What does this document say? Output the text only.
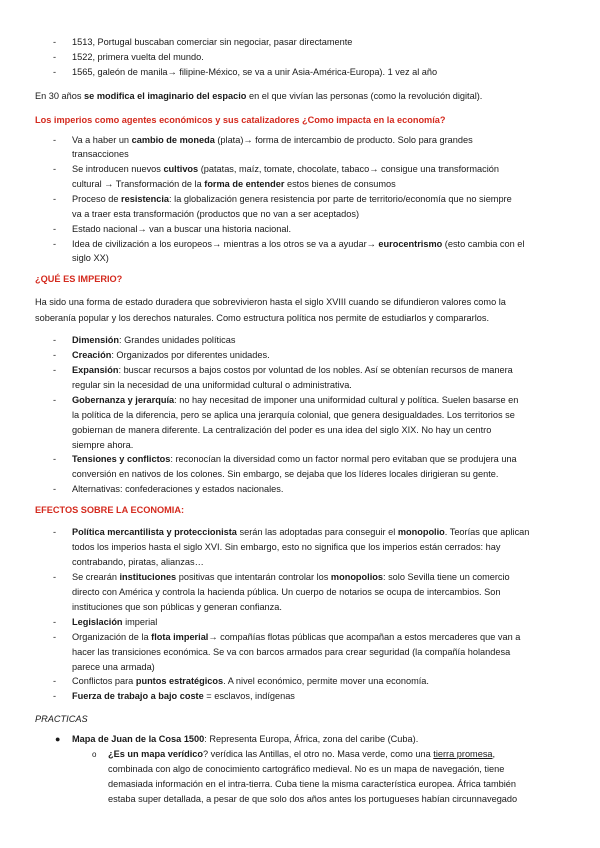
-	1513, Portugal buscaban comerciar sin negociar, pasar directamente
-	1522, primera vuelta del mundo.
-	1565, galeón de manila→ filipine-México, se va a unir Asia-América-Europa). 1 vez al año
En 30 años se modifica el imaginario del espacio en el que vivían las personas (como la revolución digital).
Los imperios como agentes económicos y sus catalizadores ¿Como impacta en la economía?
-	Va a haber un cambio de moneda (plata)→ forma de intercambio de producto. Solo para grandes
transacciones
-	Se introducen nuevos cultivos (patatas, maíz, tomate, chocolate, tabaco→ consigue una transformación
cultural → Transformación de la forma de entender estos bienes de consumos
-	Proceso de resistencia: la globalización genera resistencia por parte de territorio/economía que no siempre
va a traer esta transformación (productos que no van a ser aceptados)
-	Estado nacional→ van a buscar una historia nacional.
-	Idea de civilización a los europeos→ mientras a los otros se va a ayudar→ eurocentrismo (esto cambia con el
siglo XX)
¿QUÉ ES IMPERIO?
Ha sido una forma de estado duradera que sobrevivieron hasta el siglo XVIII cuando se difundieron valores como la
soberanía popular y los derechos naturales. Como estructura política nos permite de estudiarlos y compararlos.
-	Dimensión: Grandes unidades políticas
-	Creación: Organizados por diferentes unidades.
-	Expansión: buscar recursos a bajos costos por voluntad de los nobles. Así se obtenían recursos de manera
regular sin la necesidad de una uniformidad cultural o administrativa.
-	Gobernanza y jerarquía: no hay necesitad de imponer una uniformidad cultural y política. Suelen basarse en
la política de la diferencia, pero se aplica una jerarquía colonial, que genera desigualdades. Los territorios se
gobiernan de manera diferente. La centralización del poder es una idea del siglo XIX. No hay un centro
siempre ahora.
-	Tensiones y conflictos: reconocían la diversidad como un factor normal pero evitaban que se produjera una
conversión en nativos de los colones. Sin embargo, se dejaba que los líderes locales dirigieran su gente.
-	Alternativas: confederaciones y estados nacionales.
EFECTOS SOBRE LA ECONOMIA:
-	Política mercantilista y proteccionista serán las adoptadas para conseguir el monopolio. Teorías que aplican
todos los imperios hasta el siglo XVI. Sin embargo, esto no significa que los imperios están cerrados: hay
contrabando, piratas, alianzas…
-	Se crearán instituciones positivas que intentarán controlar los monopolios: solo Sevilla tiene un comercio
directo con América y controla la hacienda pública. Un cuerpo de notarios se ocupa de intercambios. Son
instituciones que son públicas y generan confianza.
-	Legislación imperial
-	Organización de la flota imperial→ compañías flotas públicas que acompañan a estos mercaderes que van a
hacer las transiciones económica. Se va con barcos armados para crear seguridad (la compañía holandesa
parece una armada)
-	Conflictos para puntos estratégicos. A nivel económico, permite mover una economía.
-	Fuerza de trabajo a bajo coste = esclavos, indígenas
PRACTICAS
● Mapa de Juan de la Cosa 1500: Representa Europa, África, zona del caribe (Cuba).
o ¿Es un mapa verídico? verídica las Antillas, el otro no. Masa verde, como una tierra promesa,
combinada con algo de conocimiento cartográfico medieval. No es un mapa de navegación, tiene
demasiada información en el intra-tierra. Cuba tiene la misma característica europea. África también
estaba super detallada, a pesar de que solo dos años antes los portugueses habían circunnavegado
